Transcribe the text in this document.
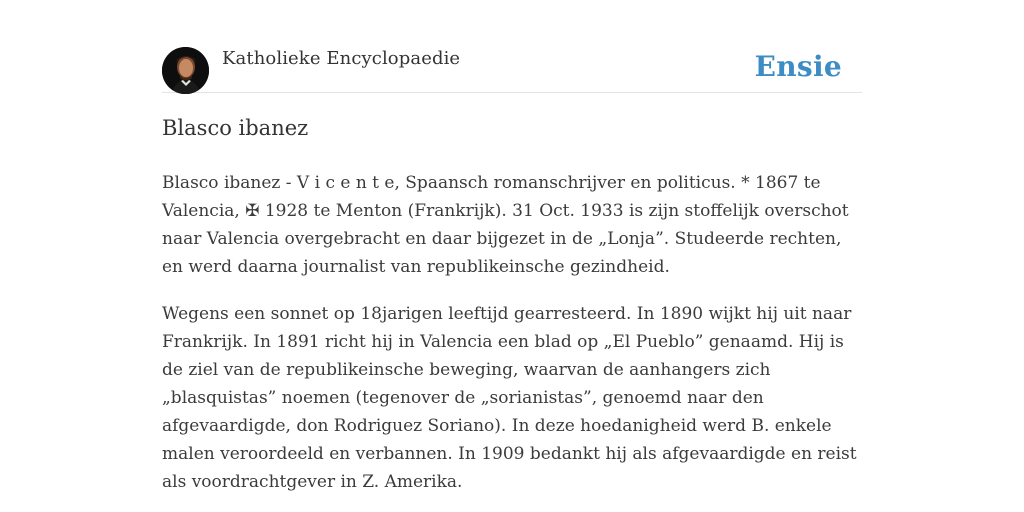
Katholieke Encyclopaedie	Ensie
Blasco ibanez

Blasco ibanez - V i c e n t e, Spaansch romanschrijver en politicus. * 1867 te Valencia, ✠ 1928 te Menton (Frankrijk). 31 Oct. 1933 is zijn stoffelijk overschot naar Valencia overgebracht en daar bijgezet in de „Lonja”. Studeerde rechten, en werd daarna journalist van republikeinsche gezindheid.

Wegens een sonnet op 18jarigen leeftijd gearresteerd. In 1890 wijkt hij uit naar Frankrijk. In 1891 richt hij in Valencia een blad op „El Pueblo” genaamd. Hij is de ziel van de republikeinsche beweging, waarvan de aanhangers zich „blasquistas” noemen (tegenover de „sorianistas”, genoemd naar den afgevaardigde, don Rodriguez Soriano). In deze hoedanigheid werd B. enkele malen veroordeeld en verbannen. In 1909 bedankt hij als afgevaardigde en reist als voordrachtgever in Z. Amerika.
